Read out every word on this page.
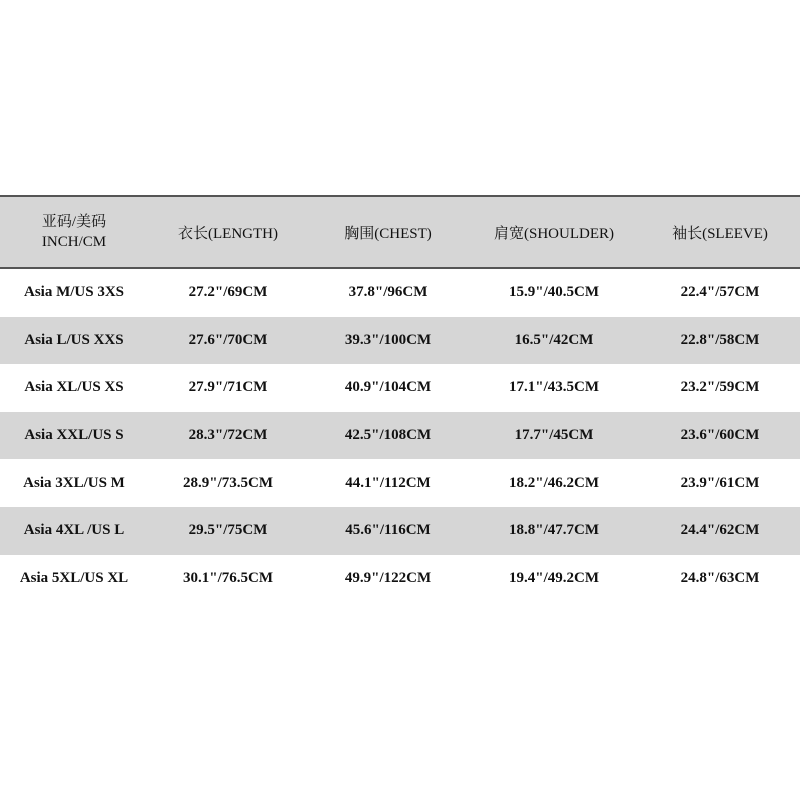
亚码/美码
INCH/CM
衣长(LENGTH)	胸围(CHEST)	肩宽(SHOULDER)	袖长(SLEEVE)
Asia M/US 3XS	27.2"/69CM	37.8"/96CM	15.9"/40.5CM	22.4"/57CM
Asia L/US XXS	27.6"/70CM	39.3"/100CM	16.5"/42CM	22.8"/58CM
Asia XL/US XS	27.9"/71CM	40.9"/104CM	17.1"/43.5CM	23.2"/59CM
Asia XXL/US S	28.3"/72CM	42.5"/108CM	17.7"/45CM	23.6"/60CM
Asia 3XL/US M	28.9"/73.5CM	44.1"/112CM	18.2"/46.2CM	23.9"/61CM
Asia 4XL /US L	29.5"/75CM	45.6"/116CM	18.8"/47.7CM	24.4"/62CM
Asia 5XL/US XL	30.1"/76.5CM	49.9"/122CM	19.4"/49.2CM	24.8"/63CM
